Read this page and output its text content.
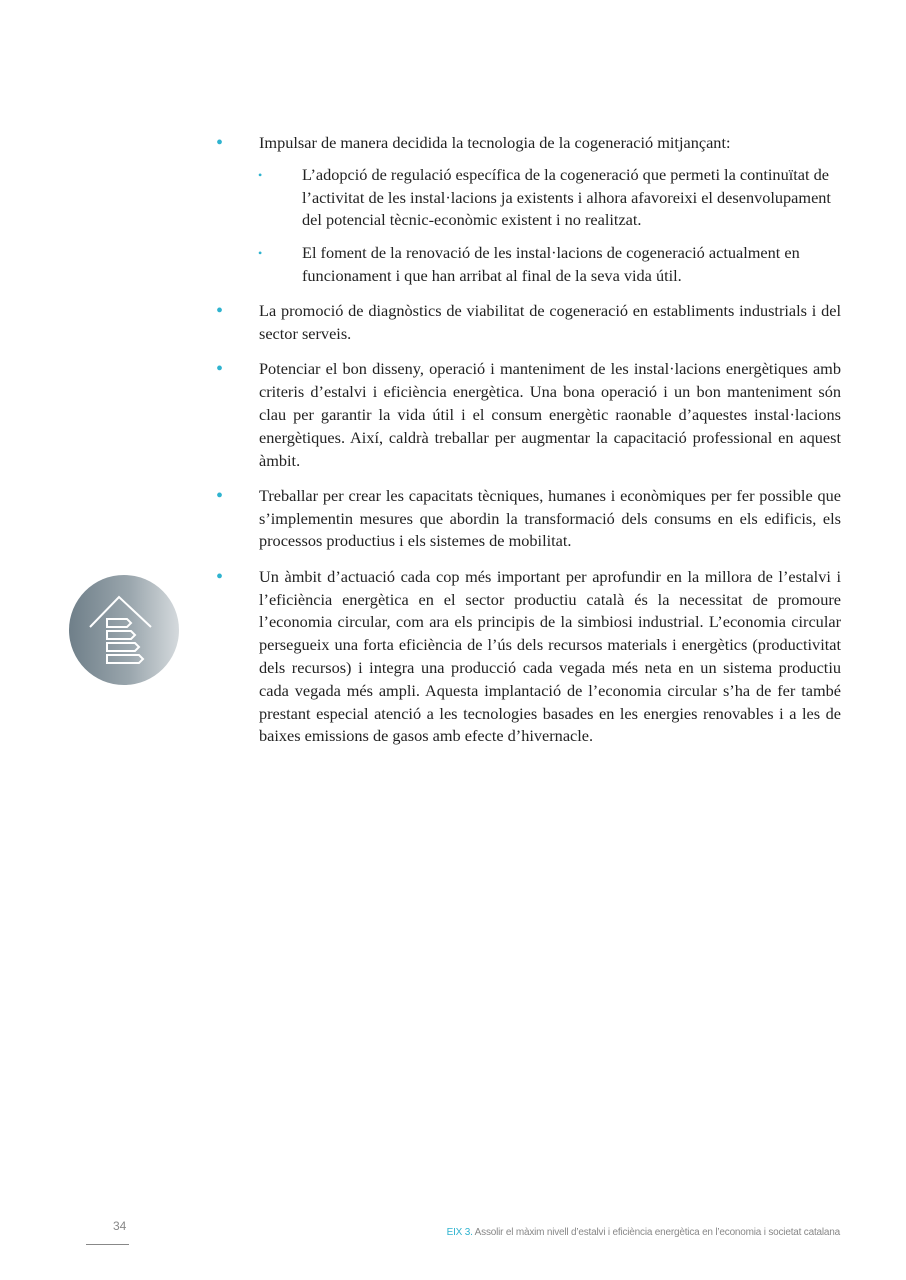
• Impulsar de manera decidida la tecnologia de la cogeneració mitjançant:
• L’adopció de regulació específica de la cogeneració que permeti la continuïtat de l’activitat de les instal·lacions ja existents i alhora afavoreixi el desenvolupament del potencial tècnic-econòmic existent i no realitzat.
• El foment de la renovació de les instal·lacions de cogeneració actualment en funcionament i que han arribat al final de la seva vida útil.
• La promoció de diagnòstics de viabilitat de cogeneració en establiments industrials i del sector serveis.
• Potenciar el bon disseny, operació i manteniment de les instal·lacions energètiques amb criteris d’estalvi i eficiència energètica. Una bona operació i un bon manteniment són clau per garantir la vida útil i el consum energètic raonable d’aquestes instal·lacions energètiques. Així, caldrà treballar per augmentar la capacitació professional en aquest àmbit.
• Treballar per crear les capacitats tècniques, humanes i econòmiques per fer possible que s’implementin mesures que abordin la transformació dels consums en els edificis, els processos productius i els sistemes de mobilitat.
• Un àmbit d’actuació cada cop més important per aprofundir en la millora de l’estalvi i l’eficiència energètica en el sector productiu català és la necessitat de promoure l’economia circular, com ara els principis de la simbiosi industrial. L’economia circular persegueix una forta eficiència de l’ús dels recursos materials i energètics (productivitat dels recursos) i integra una producció cada vegada més neta en un sistema productiu cada vegada més ampli. Aquesta implantació de l’economia circular s’ha de fer també prestant especial atenció a les tecnologies basades en les energies renovables i a les de baixes emissions de gasos amb efecte d’hivernacle.
34	EIX 3. Assolir el màxim nivell d’estalvi i eficiència energètica en l’economia i societat catalana
